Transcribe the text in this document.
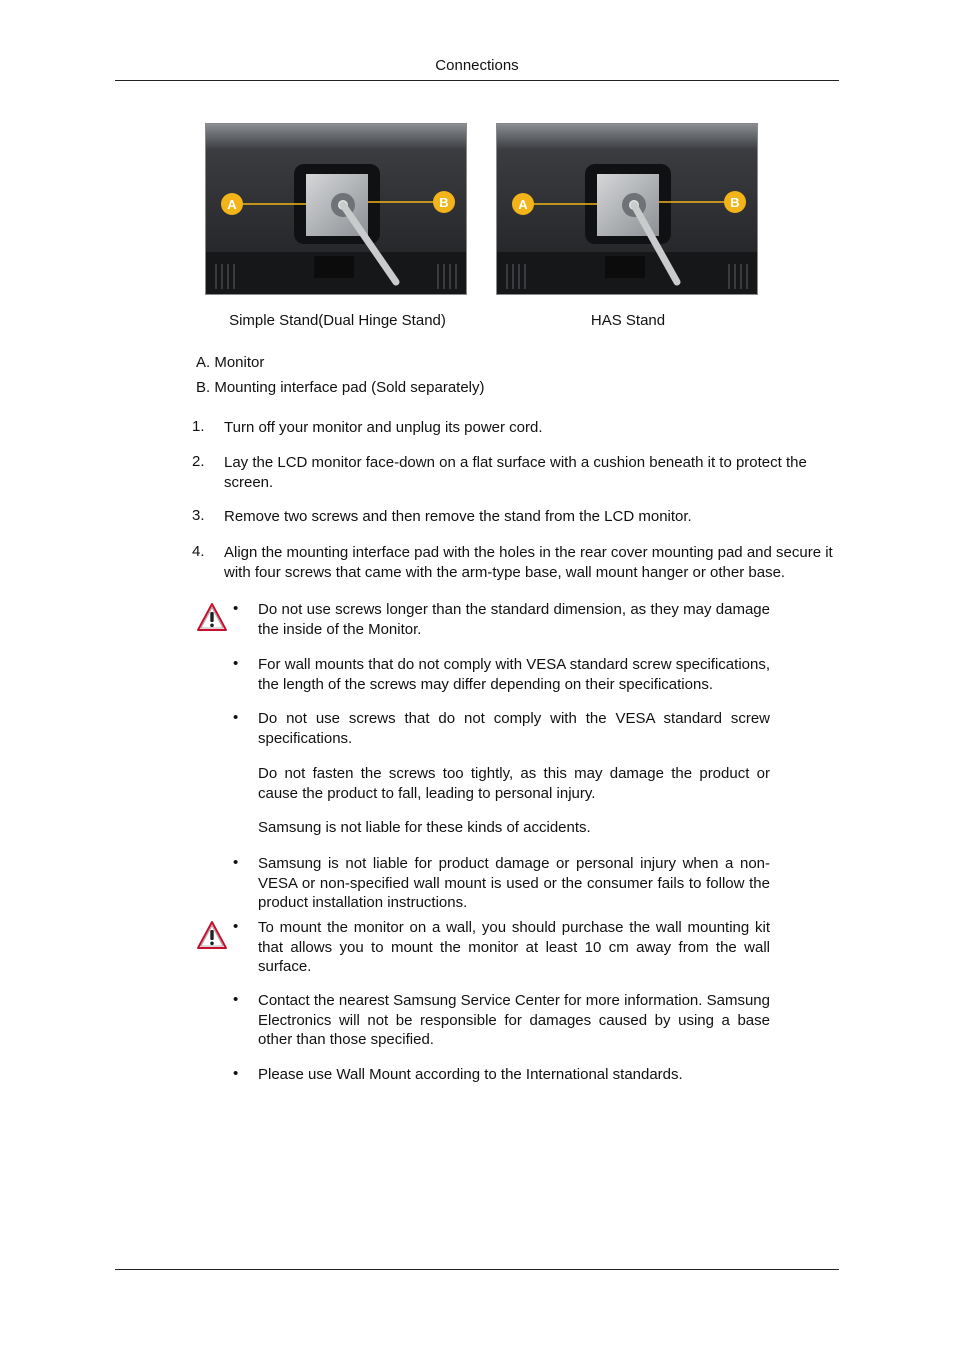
Connections
A	B	A	B
Simple Stand(Dual Hinge Stand)	HAS Stand
A. Monitor
B. Mounting interface pad (Sold separately)
1.	Turn off your monitor and unplug its power cord.
2.	Lay the LCD monitor face-down on a flat surface with a cushion beneath it to protect the screen.
3.	Remove two screws and then remove the stand from the LCD monitor.
4.	Align the mounting interface pad with the holes in the rear cover mounting pad and secure it with four screws that came with the arm-type base, wall mount hanger or other base.
• Do not use screws longer than the standard dimension, as they may damage the inside of the Monitor.
• For wall mounts that do not comply with VESA standard screw specifications, the length of the screws may differ depending on their specifications.
• Do not use screws that do not comply with the VESA standard screw specifications.
Do not fasten the screws too tightly, as this may damage the product or cause the product to fall, leading to personal injury.
Samsung is not liable for these kinds of accidents.
• Samsung is not liable for product damage or personal injury when a non-VESA or non-specified wall mount is used or the consumer fails to follow the product installation instructions.
• To mount the monitor on a wall, you should purchase the wall mounting kit that allows you to mount the monitor at least 10 cm away from the wall surface.
• Contact the nearest Samsung Service Center for more information. Samsung Electronics will not be responsible for damages caused by using a base other than those specified.
• Please use Wall Mount according to the International standards.
